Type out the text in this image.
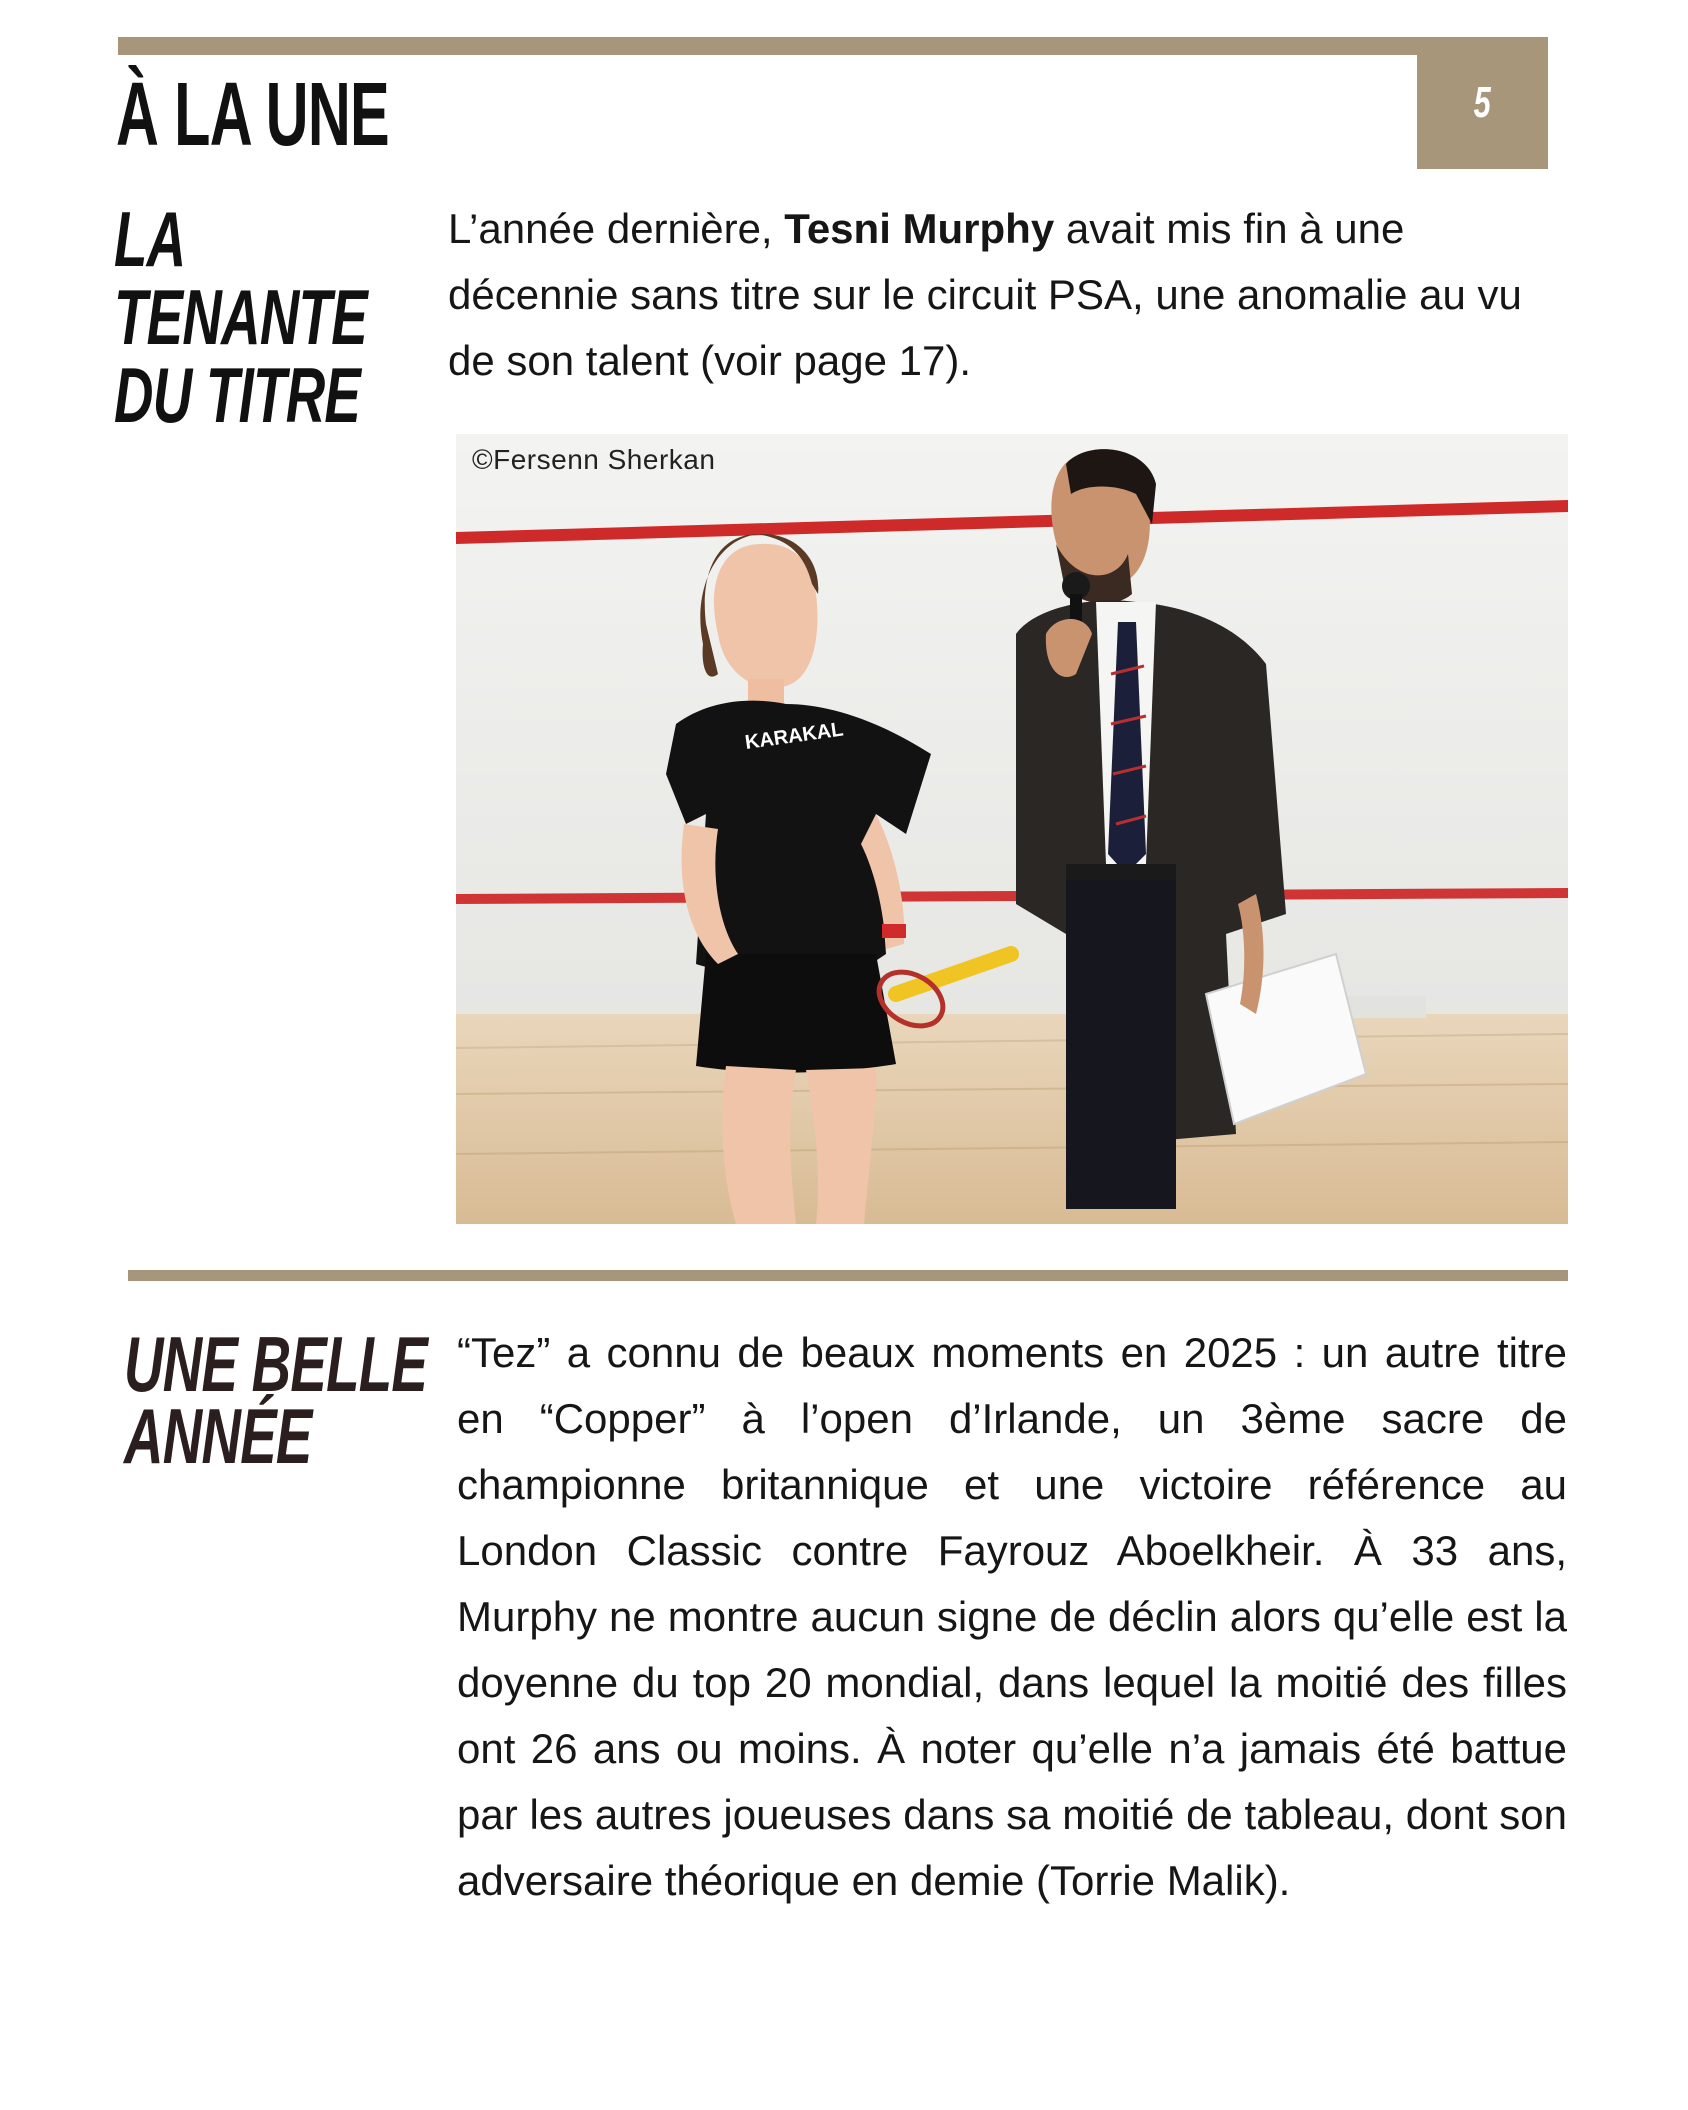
5
À LA UNE
LA
TENANTE
DU TITRE

L’année dernière, Tesni Murphy avait mis fin à une décennie sans titre sur le circuit PSA, une anomalie au vu de son talent (voir page 17).

KARAKAL
©Fersenn Sherkan
UNE BELLE
ANNÉE

“Tez” a connu de beaux moments en 2025 : un autre titre en “Copper” à l’open d’Irlande, un 3ème sacre de championne britannique et une victoire référence au London Classic contre Fayrouz Aboelkheir. À 33 ans, Murphy ne montre aucun signe de déclin alors qu’elle est la doyenne du top 20 mondial, dans lequel la moitié des filles ont 26 ans ou moins. À noter qu’elle n’a jamais été battue par les autres joueuses dans sa moitié de tableau, dont son adversaire théorique en demie (Torrie Malik).
